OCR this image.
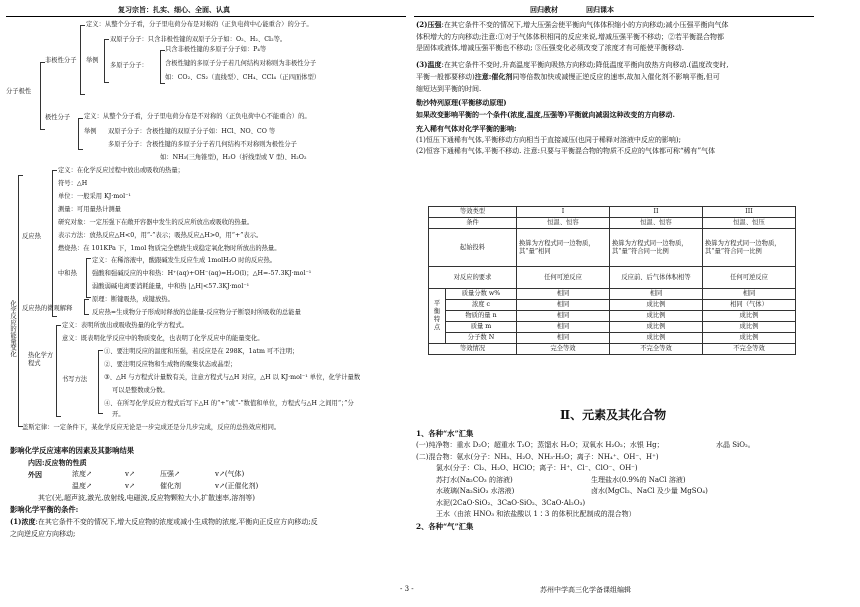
复习宗旨：扎实、细心、全面、认真	回归教材	回归课本
分子极性
非极性分子
定义：从整个分子看，分子里电荷分布是对称的（正负电荷中心能重合）的分子。
举例
双原子分子：只含非极性键的双原子分子如：O₂、H₂、Cl₂等。
多原子分子：
只含非极性键的多原子分子如：P₄等
含极性键的多原子分子若几何结构对称则为非极性分子
如：CO₂、CS₂（直线型）、CH₄、CCl₄（正四面体型）
极性分子 定义：从整个分子看，分子里电荷分布是不对称的（正负电荷中心不能重合）的。
举例 双原子分子：含极性键的双原子分子如：HCl、NO、CO 等
多原子分子：含极性键的多原子分子若几何结构不对称则为极性分子
如：NH₃(三角锥型)，H₂O（折线型或 V 型)、H₂O₂
化学反应的能量变化
反应热
定义：在化学反应过程中放出或吸收的热量；
符号：△H
单位：一般采用 KJ·mol⁻¹
测量：可用量热计测量
研究对象：一定压强下在敞开容器中发生的反应所放出或吸收的热量。
表示方法：放热反应△H<0，用“-”表示；吸热反应△H>0，用“+”表示。
燃烧热：在 101KPa 下，1mol 物质完全燃烧生成稳定氧化物时所放出的热量。
中和热
定义：在稀溶液中，酸跟碱发生反应生成 1molH₂O 时的反应热。
强酸和强碱反应的中和热：H⁺(aq)+OH⁻(aq)=H₂O(l)；△H=-57.3KJ·mol⁻¹
弱酸弱碱电离要消耗能量，中和热 |△H|<57.3KJ·mol⁻¹
反应热的微观解释
原理：断键吸热，成键放热。
反应热=生成物分子形成时释放的总能量-反应物分子断裂时所吸收的总能量
热化学方程式
定义：表明所放出或吸收热量的化学方程式。
意义：既表明化学反应中的物质变化，也表明了化学反应中的能量变化。
书写方法
①、要注明反应的温度和压强，若反应是在 298K，1atm 可不注明；
②、要注明反应物和生成物的聚集状态或晶型；
③、△H 与方程式计量数有关，注意方程式与△H 对应，△H 以 KJ·mol⁻¹ 单位，化学计量数
可以是整数或分数。
④、在所写化学反应方程式后写下△H 的“+”或“-”数值和单位，方程式与△H 之间用“；”分
开。
盖斯定律：一定条件下，某化学反应无论是一步完成还是分几步完成，反应的总热效应相同。
影响化学反应速率的因素及其影响结果
内因:反应物的性质
外因	浓度↗	v↗	压强↗	v↗(气体)
温度↗	v↗	催化剂	v↗(正催化剂)
其它(光,超声波,激光,放射线,电磁波,反应物颗粒大小,扩散速率,溶剂等)
影响化学平衡的条件:
(1)浓度:在其它条件不变的情况下,增大反应物的浓度或减小生成物的浓度,平衡向正反应方向移动;反
之向逆反应方向移动;
(2)压强:在其它条件不变的情况下,增大压强会使平衡向气体体积缩小的方向移动;减小压强平衡向气体
体积增大的方向移动;注意:①对于气体体积相同的反应来说,增减压强平衡不移动；②若平衡混合物都
是固体或液体,增减压强平衡也不移动; ③压强变化必须改变了浓度才有可能使平衡移动.
(3)温度:在其它条件不变时,升高温度平衡向吸热方向移动;降低温度平衡向放热方向移动.(温度改变时,
平衡一般都要移动)注意:催化剂同等倍数加快或减慢正逆反应的速率,故加入催化剂不影响平衡,但可
缩短达到平衡的时间.
勒沙特列原理(平衡移动原理)
如果改变影响平衡的一个条件(浓度,温度,压强等)平衡就向减弱这种改变的方向移动.
充入稀有气体对化学平衡的影响:
(1)恒压下通稀有气体,平衡移动方向相当于直接减压(也同于稀释对溶液中反应的影响);
(2)恒容下通稀有气体,平衡不移动. 注意:只要与平衡混合物的物质不反应的气体都可称“稀有”气体
等效类型		I	II	III
条件		恒温、恒容	恒温、恒容	恒温、恒压
起始投料		换算为方程式同一边物质，其“量”相同	换算为方程式同一边物质，其“量”符合同一比例	换算为方程式同一边物质，其“量”符合同一比例
对反应的要求		任何可逆反应	反应前、后气体体积相等	任何可逆反应
平衡特点	质量分数 w%	相同	相同	相同
	浓度 c	相同	成比例	相同（气体）
	物质的量 n	相同	成比例	成比例
	质量 m	相同	成比例	成比例
	分子数 N	相同	成比例	成比例
等效情况		完全等效	不完全等效	不完全等效
Ⅱ、元素及其化合物
1、各种“水”汇集
(一)纯净物：重水 D₂O；超重水 T₂O；蒸馏水 H₂O；双氧水 H₂O₂；水银 Hg；	水晶 SiO₂。
(二)混合物：氨水(分子：NH₃、H₂O、NH₃·H₂O；离子：NH₄⁺、OH⁻、H⁺)
氯水(分子：Cl₂、H₂O、HClO；离子：H⁺、Cl⁻、ClO⁻、OH⁻)
苏打水(Na₂CO₃ 的溶液)	生理盐水(0.9%的 NaCl 溶液)
水玻璃(Na₂SiO₃ 水溶液)	卤水(MgCl₂、NaCl 及少量 MgSO₄)
水泥(2CaO·SiO₂、3CaO·SiO₂、3CaO·Al₂O₃)
王水（由浓 HNO₃ 和浓盐酸以 1∶3 的体积比配制成的混合物）
2、各种“气”汇集
- 3 -	苏州中学高三化学备课组编辑
